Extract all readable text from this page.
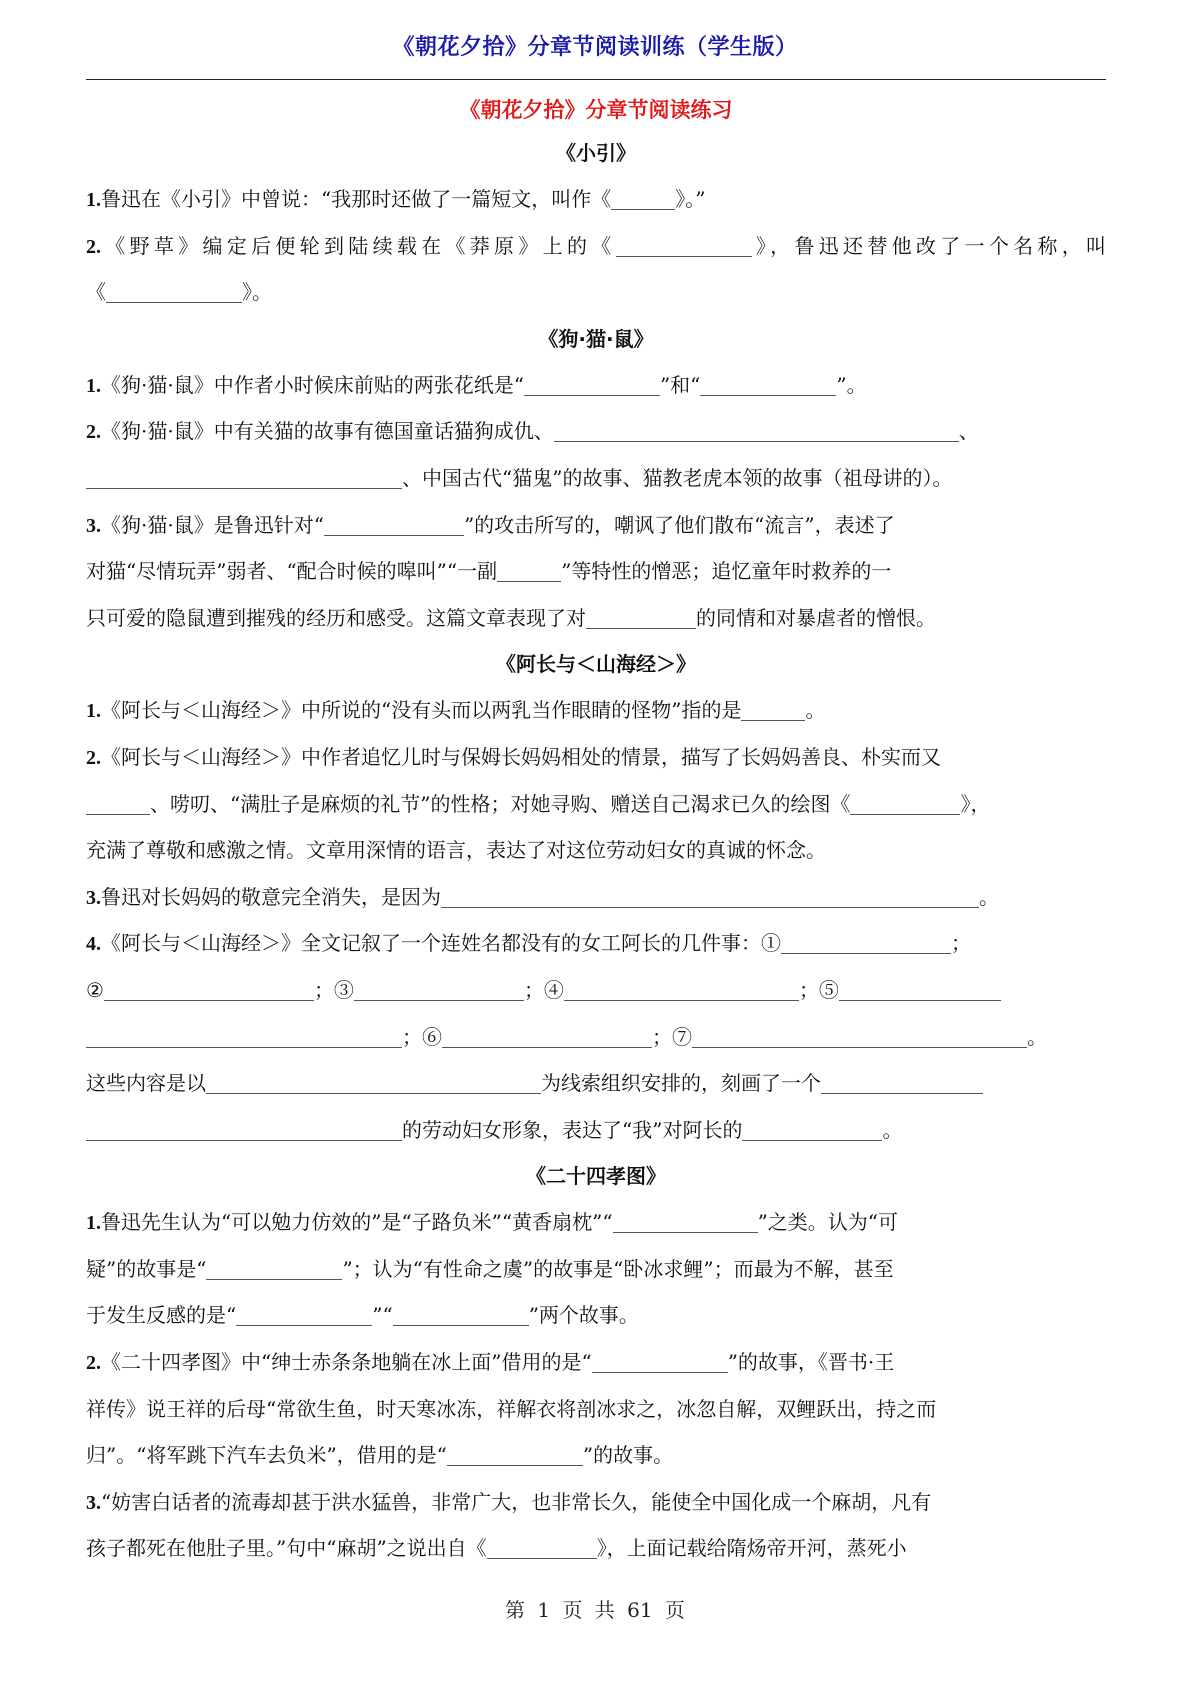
《朝花夕拾》分章节阅读训练（学生版）
《朝花夕拾》分章节阅读练习
《小引》
1.鲁迅在《小引》中曾说：“我那时还做了一篇短文，叫作《	》。”
2.《野草》编定后便轮到陆续载在《莽原》上的《	》，鲁迅还替他改了一个名称，叫
《	》。
《狗·猫·鼠》
1.《狗·猫·鼠》中作者小时候床前贴的两张花纸是“	”和“	”。
2.《狗·猫·鼠》中有关猫的故事有德国童话猫狗成仇、	、
、中国古代“猫鬼”的故事、猫教老虎本领的故事（祖母讲的）。
3.《狗·猫·鼠》是鲁迅针对“	”的攻击所写的，嘲讽了他们散布“流言”，表述了
对猫“尽情玩弄”弱者、“配合时候的嗥叫”“一副	”等特性的憎恶；追忆童年时救养的一
只可爱的隐鼠遭到摧残的经历和感受。这篇文章表现了对	的同情和对暴虐者的憎恨。
《阿长与＜山海经＞》
1.《阿长与＜山海经＞》中所说的“没有头而以两乳当作眼睛的怪物”指的是	。
2.《阿长与＜山海经＞》中作者追忆儿时与保姆长妈妈相处的情景，描写了长妈妈善良、朴实而又
、唠叨、“满肚子是麻烦的礼节”的性格；对她寻购、赠送自己渴求已久的绘图《	》，
充满了尊敬和感激之情。文章用深情的语言，表达了对这位劳动妇女的真诚的怀念。
3.鲁迅对长妈妈的敬意完全消失，是因为	。
4.《阿长与＜山海经＞》全文记叙了一个连姓名都没有的女工阿长的几件事：①	；
②	；③	；④	；⑤
；⑥	；⑦	。
这些内容是以	为线索组织安排的，刻画了一个
的劳动妇女形象，表达了“我”对阿长的	。
《二十四孝图》
1.鲁迅先生认为“可以勉力仿效的”是“子路负米”“黄香扇枕”“	”之类。认为“可
疑”的故事是“	”；认为“有性命之虞”的故事是“卧冰求鲤”；而最为不解，甚至
于发生反感的是“	”“	”两个故事。
2.《二十四孝图》中“绅士赤条条地躺在冰上面”借用的是“	”的故事，《晋书·王
祥传》说王祥的后母“常欲生鱼，时天寒冰冻，祥解衣将剖冰求之，冰忽自解，双鲤跃出，持之而
归”。“将军跳下汽车去负米”，借用的是“	”的故事。
3.“妨害白话者的流毒却甚于洪水猛兽，非常广大，也非常长久，能使全中国化成一个麻胡，凡有
孩子都死在他肚子里。”句中“麻胡”之说出自《	》，上面记载给隋炀帝开河，蒸死小
第 1 页 共 61 页
